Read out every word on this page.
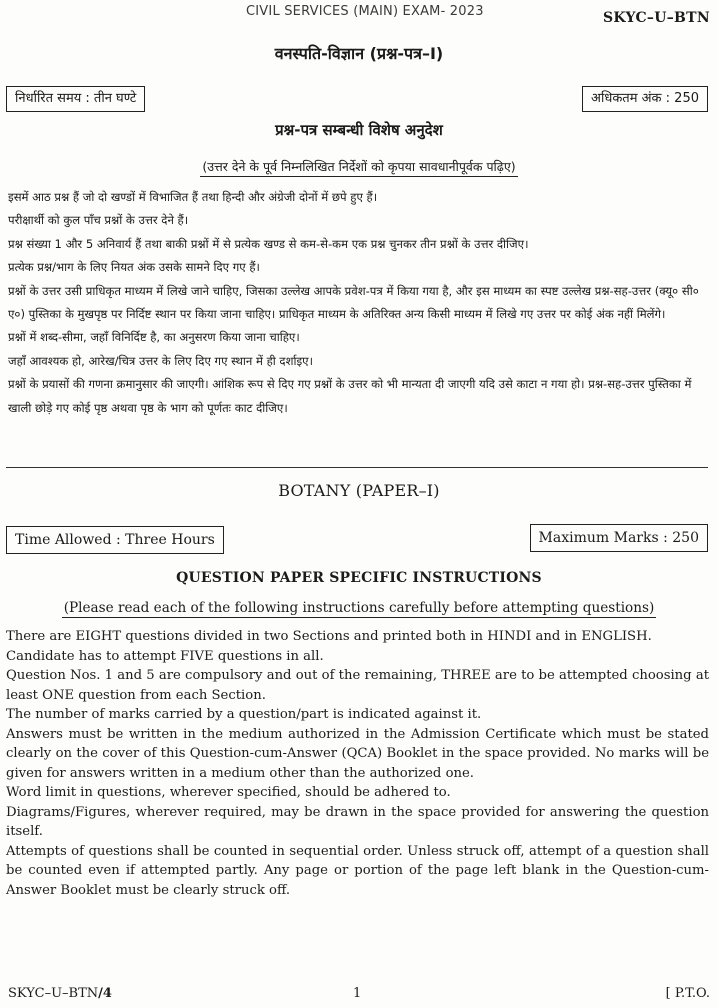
CIVIL SERVICES (MAIN) EXAM- 2023	SKYC–U–BTN
वनस्पति-विज्ञान (प्रश्न-पत्र–I)
निर्धारित समय : तीन घण्टे	अधिकतम अंक : 250
प्रश्न-पत्र सम्बन्धी विशेष अनुदेश
(उत्तर देने के पूर्व निम्नलिखित निर्देशों को कृपया सावधानीपूर्वक पढ़िए)

इसमें आठ प्रश्न हैं जो दो खण्डों में विभाजित हैं तथा हिन्दी और अंग्रेजी दोनों में छपे हुए हैं।

परीक्षार्थी को कुल पाँच प्रश्नों के उत्तर देने हैं।

प्रश्न संख्या 1 और 5 अनिवार्य हैं तथा बाकी प्रश्नों में से प्रत्येक खण्ड से कम-से-कम एक प्रश्न चुनकर तीन प्रश्नों के उत्तर दीजिए।

प्रत्येक प्रश्न/भाग के लिए नियत अंक उसके सामने दिए गए हैं।

प्रश्नों के उत्तर उसी प्राधिकृत माध्यम में लिखे जाने चाहिए, जिसका उल्लेख आपके प्रवेश-पत्र में किया गया है, और इस माध्यम का स्पष्ट उल्लेख प्रश्न-सह-उत्तर (क्यू० सी० ए०) पुस्तिका के मुखपृष्ठ पर निर्दिष्ट स्थान पर किया जाना चाहिए। प्राधिकृत माध्यम के अतिरिक्त अन्य किसी माध्यम में लिखे गए उत्तर पर कोई अंक नहीं मिलेंगे।

प्रश्नों में शब्द-सीमा, जहाँ विनिर्दिष्ट है, का अनुसरण किया जाना चाहिए।

जहाँ आवश्यक हो, आरेख/चित्र उत्तर के लिए दिए गए स्थान में ही दर्शाइए।

प्रश्नों के प्रयासों की गणना क्रमानुसार की जाएगी। आंशिक रूप से दिए गए प्रश्नों के उत्तर को भी मान्यता दी जाएगी यदि उसे काटा न गया हो। प्रश्न-सह-उत्तर पुस्तिका में खाली छोड़े गए कोई पृष्ठ अथवा पृष्ठ के भाग को पूर्णतः काट दीजिए।

BOTANY (PAPER–I)
Time Allowed : Three Hours	Maximum Marks : 250
QUESTION PAPER SPECIFIC INSTRUCTIONS
(Please read each of the following instructions carefully before attempting questions)

There are EIGHT questions divided in two Sections and printed both in HINDI and in ENGLISH.

Candidate has to attempt FIVE questions in all.

Question Nos. 1 and 5 are compulsory and out of the remaining, THREE are to be attempted choosing at least ONE question from each Section.

The number of marks carried by a question/part is indicated against it.

Answers must be written in the medium authorized in the Admission Certificate which must be stated clearly on the cover of this Question-cum-Answer (QCA) Booklet in the space provided. No marks will be given for answers written in a medium other than the authorized one.

Word limit in questions, wherever specified, should be adhered to.

Diagrams/Figures, wherever required, may be drawn in the space provided for answering the question itself.

Attempts of questions shall be counted in sequential order. Unless struck off, attempt of a question shall be counted even if attempted partly. Any page or portion of the page left blank in the Question-cum-Answer Booklet must be clearly struck off.

SKYC–U–BTN/4	1	[ P.T.O.
